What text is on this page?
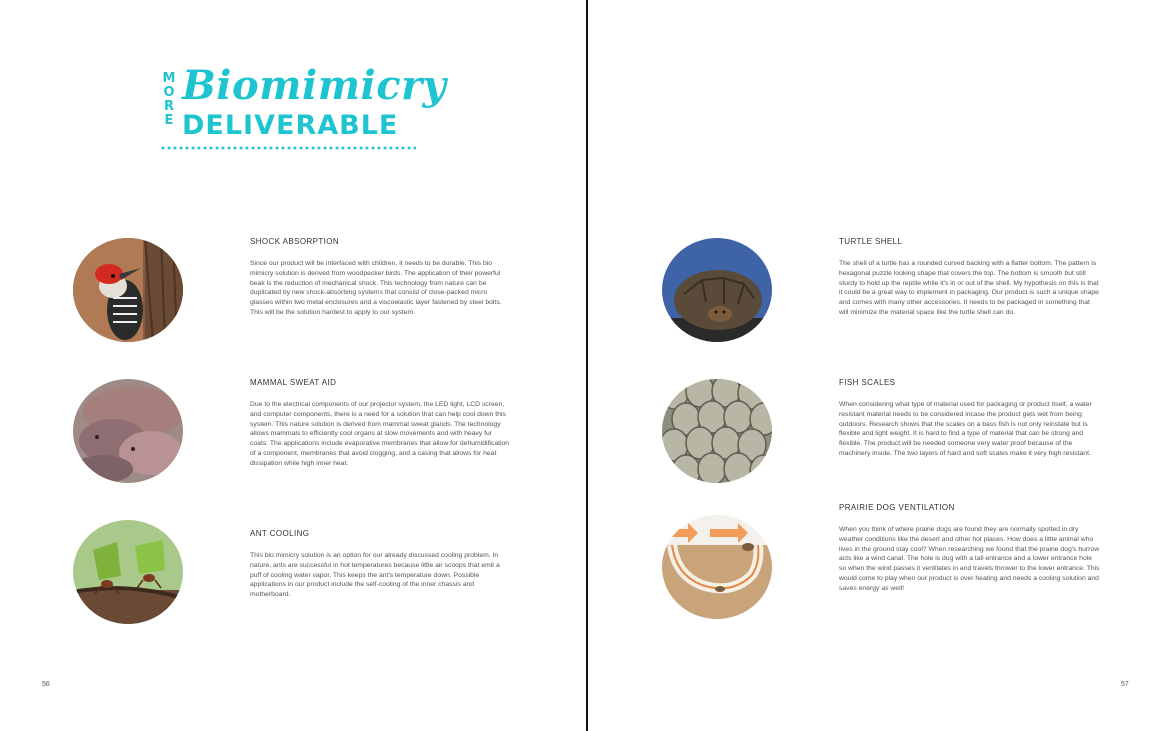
M
O
R
E
Biomimicry
DELIVERABLE
SHOCK ABSORPTION

Since our product will be interfaced with children, it needs to be durable. This bio mimicry solution is derived from woodpecker birds. The application of their powerful beak is the reduction of mechanical shock. This technology from nature can be duplicated by new shock-absorbing systems that consist of close-packed micro glasses within two metal enclosures and a viscoelastic layer fastened by steel bolts. This will be the solution hardest to apply to our system.

MAMMAL SWEAT AID

Due to the electrical components of our projector system, the LED light, LCD screen, and computer components, there is a need for a solution that can help cool down this system. This nature solution is derived from mammal sweat glands. The technology allows mammals to efficiently cool organs at slow movements and with heavy fur coats. The applications include evaporative membranes that allow for dehumidification of a component, membranes that avoid clogging, and a casing that allows for heat dissipation while high inner heat.

ANT COOLING

This bio mimicry solution is an option for our already discussed cooling problem. In nature, ants are successful in hot temperatures because little air scoops that emit a puff of cooling water vapor. This keeps the ant's temperature down. Possible applications in our product include the self-cooling of the inner chassis and motherboard.

56
TURTLE SHELL

The shell of a turtle has a rounded curved backing with a flatter bottom. The pattern is hexagonal puzzle looking shape that covers the top. The bottom is smooth but still sturdy to hold up the reptile while it's in or out of the shell. My hypothesis on this is that it could be a great way to implement in packaging. Our product is such a unique shape and comes with many other accessories. It needs to be packaged in something that will minimize the material space like the turtle shell can do.

FISH SCALES

When considering what type of material used for packaging or product itself, a water resistant material needs to be considered incase the product gets wet from being outdoors. Research shows that the scales on a bass fish is not only reinstate but is flexible and light weight. It is hard to find a type of material that can be strong and flexible. The product will be needed someone very water proof because of the machinery inside. The two layers of hard and soft scales make it very high resistant.

PRAIRIE DOG VENTILATION

When you think of where prairie dogs are found they are normally spotted in dry weather conditions like the desert and other hot places. How does a little animal who lives in the ground stay cool? When researching we found that the prairie dog's burrow acts like a wind canal. The hole is dug with a tall entrance and a lower entrance hole so when the wind passes it ventilates in and travels thrower to the lower entrance. This would come to play when our product is over heating and needs a cooling solution and saves energy as well!

57
